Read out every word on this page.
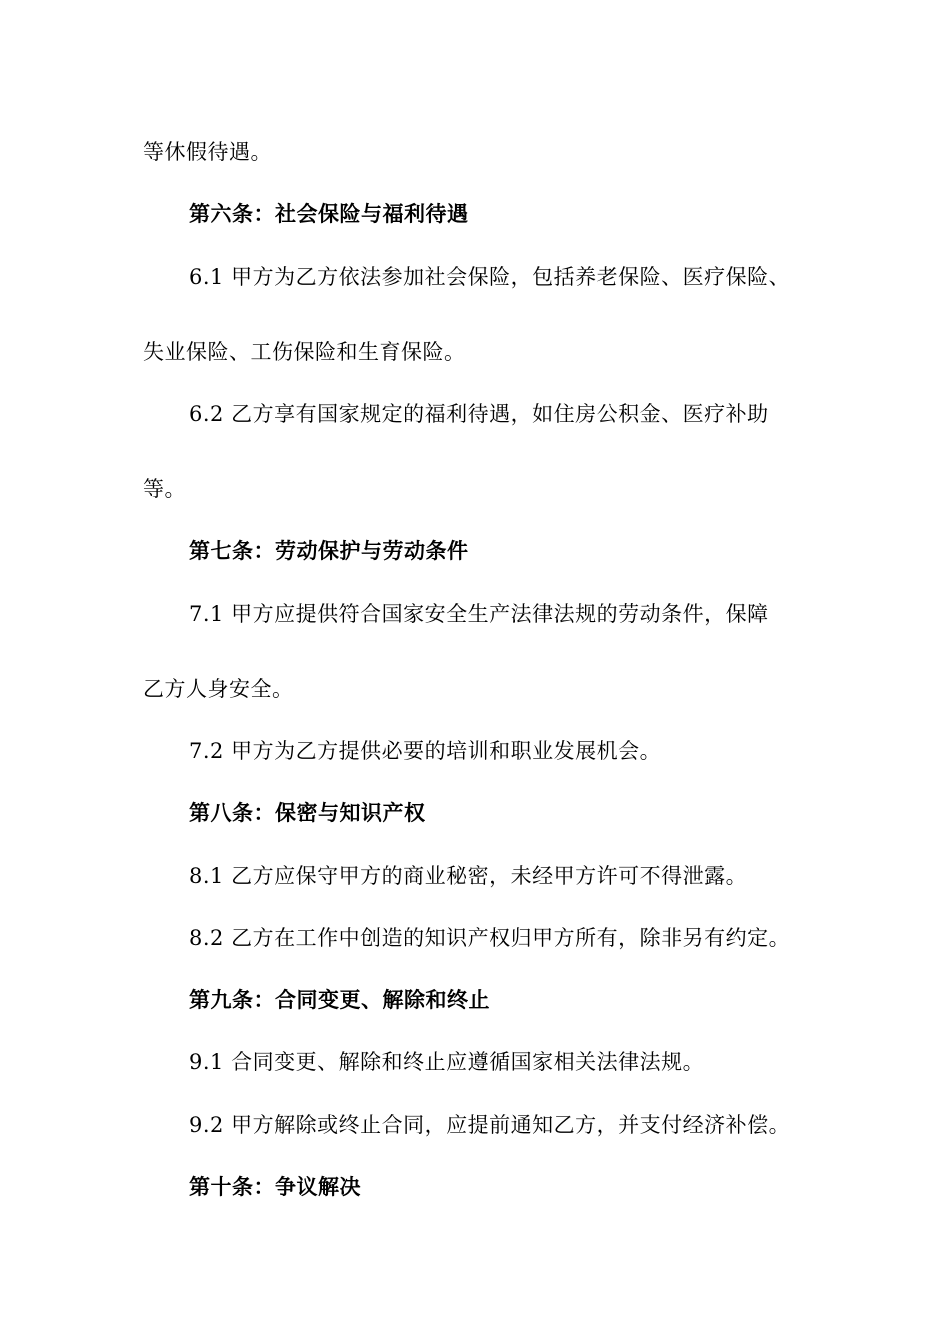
等休假待遇。
第六条：社会保险与福利待遇
6.1 甲方为乙方依法参加社会保险，包括养老保险、医疗保险、
失业保险、工伤保险和生育保险。
6.2 乙方享有国家规定的福利待遇，如住房公积金、医疗补助
等。
第七条：劳动保护与劳动条件
7.1 甲方应提供符合国家安全生产法律法规的劳动条件，保障
乙方人身安全。
7.2 甲方为乙方提供必要的培训和职业发展机会。
第八条：保密与知识产权
8.1 乙方应保守甲方的商业秘密，未经甲方许可不得泄露。
8.2 乙方在工作中创造的知识产权归甲方所有，除非另有约定。
第九条：合同变更、解除和终止
9.1 合同变更、解除和终止应遵循国家相关法律法规。
9.2 甲方解除或终止合同，应提前通知乙方，并支付经济补偿。
第十条：争议解决
